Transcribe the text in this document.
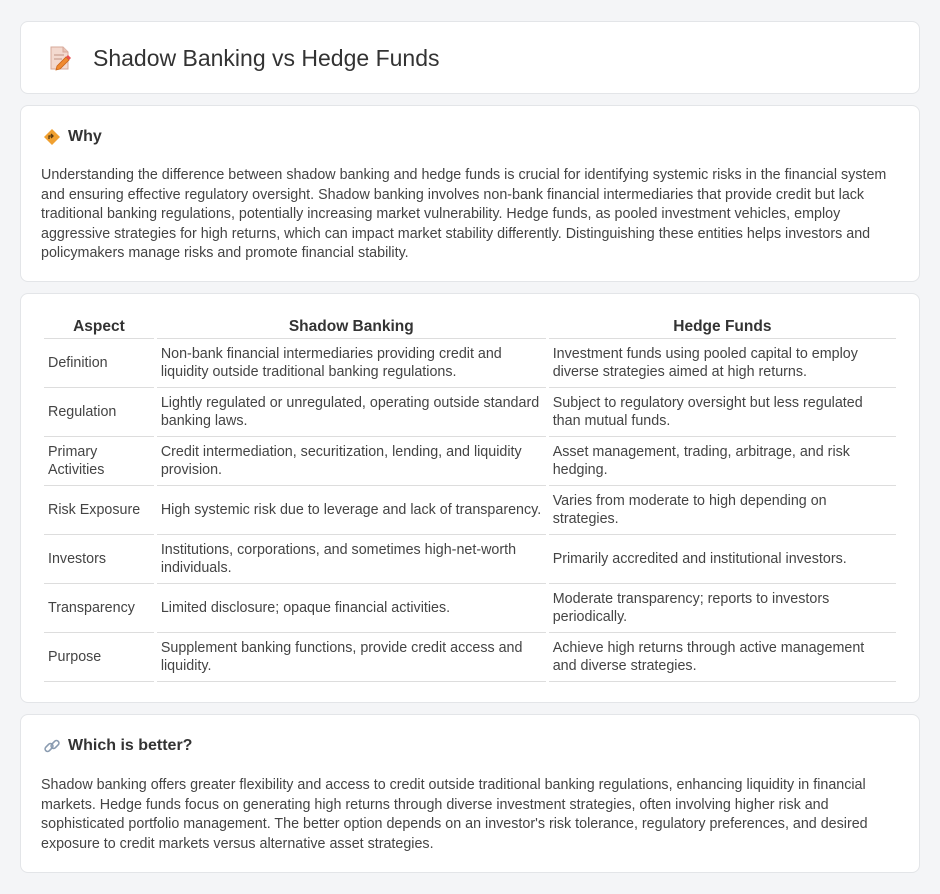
Shadow Banking vs Hedge Funds
Why

Understanding the difference between shadow banking and hedge funds is crucial for identifying systemic risks in the financial system and ensuring effective regulatory oversight. Shadow banking involves non-bank financial intermediaries that provide credit but lack traditional banking regulations, potentially increasing market vulnerability. Hedge funds, as pooled investment vehicles, employ aggressive strategies for high returns, which can impact market stability differently. Distinguishing these entities helps investors and policymakers manage risks and promote financial stability.

Aspect	Shadow Banking	Hedge Funds
Definition	Non-bank financial intermediaries providing credit and liquidity outside traditional banking regulations.	Investment funds using pooled capital to employ diverse strategies aimed at high returns.
Regulation	Lightly regulated or unregulated, operating outside standard banking laws.	Subject to regulatory oversight but less regulated than mutual funds.
Primary Activities	Credit intermediation, securitization, lending, and liquidity provision.	Asset management, trading, arbitrage, and risk hedging.
Risk Exposure	High systemic risk due to leverage and lack of transparency.	Varies from moderate to high depending on strategies.
Investors	Institutions, corporations, and sometimes high-net-worth individuals.	Primarily accredited and institutional investors.
Transparency	Limited disclosure; opaque financial activities.	Moderate transparency; reports to investors periodically.
Purpose	Supplement banking functions, provide credit access and liquidity.	Achieve high returns through active management and diverse strategies.
Which is better?

Shadow banking offers greater flexibility and access to credit outside traditional banking regulations, enhancing liquidity in financial markets. Hedge funds focus on generating high returns through diverse investment strategies, often involving higher risk and sophisticated portfolio management. The better option depends on an investor's risk tolerance, regulatory preferences, and desired exposure to credit markets versus alternative asset strategies.
